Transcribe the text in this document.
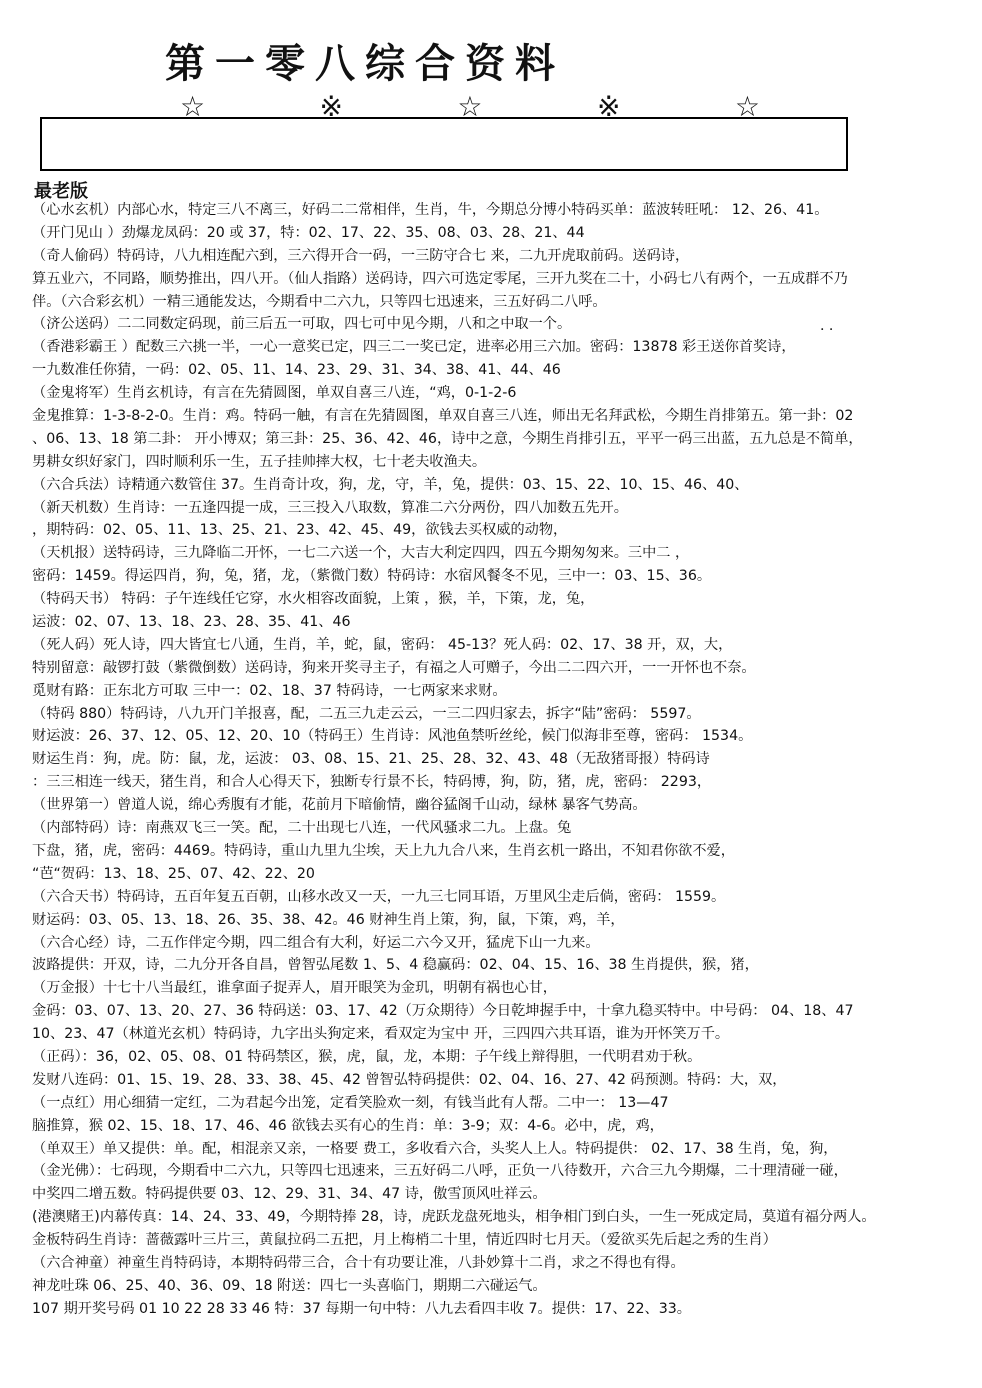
第一零八综合资料
☆	※	☆	※	☆
. .
最老版
（心水玄机）内部心水，特定三八不离三，好码二二常相伴，生肖，牛，今期总分博小特码买单：蓝波转旺吼： 12、26、41。
（开门见山 ）劲爆龙凤码：20 或 37，特：02、17、22、35、08、03、28、21、44
（奇人偷码）特码诗，八九相连配六到，三六得开合一码，一三防守合七 来，二九开虎取前码。送码诗，
算五业六，不同路，顺势推出，四八开。（仙人指路）送码诗，四六可选定零尾，三开九奖在二十，小码七八有两个，一五成群不乃
伴。（六合彩玄机）一精三通能发达，今期看中二六九，只等四七迅速来，三五好码二八呼。
（济公送码）二二同数定码现，前三后五一可取，四七可中见今期，八和之中取一个。
（香港彩霸王 ）配数三六挑一半，一心一意奖已定，四三二一奖已定，进率必用三六加。密码：13878 彩王送你首奖诗，
一九数准任你猜，一码：02、05、11、14、23、29、31、34、38、41、44、46
（金鬼将军）生肖玄机诗，有言在先猜圆图，单双自喜三八连，“鸡，0-1-2-6
金鬼推算：1-3-8-2-0。生肖：鸡。特码一触，有言在先猜圆图，单双自喜三八连，师出无名拜武松，今期生肖排第五。第一卦：02
、06、13、18 第二卦： 开小博双；第三卦：25、36、42、46，诗中之意，今期生肖排引五，平平一码三出蓝，五九总是不简单，
男耕女织好家门，四时顺利乐一生，五子挂帅摔大权，七十老夫收渔夫。
（六合兵法）诗精通六数管住 37。生肖奇计攻，狗，龙，守，羊，兔，提供：03、15、22、10、15、46、40、
（新天机数）生肖诗：一五逢四提一成，三三投入八取数，算准二六分两份，四八加数五先开。
，期特码：02、05、11、13、25、21、23、42、45、49，欲钱去买权威的动物，
（天机报）送特码诗，三九降临二开怀，一七二六送一个，大吉大利定四四，四五今期匆匆来。三中二 ，
密码：1459。得运四肖，狗，兔，猪，龙，（紫微门数）特码诗：水宿风餐冬不见，三中一：03、15、36。
（特码天书） 特码：子午连线任它穿，水火相容改面貌，上策 ，猴，羊，下策，龙，兔，
运波：02、07、13、18、23、28、35、41、46
（死人码）死人诗，四大皆宜七八通，生肖，羊，蛇，鼠，密码： 45-13？死人码：02、17、38 开，双，大，
特别留意：敲锣打鼓（紫微倒数）送码诗，狗来开奖寻主子，有福之人可赠子，今出二二四六开，一一开怀也不奈。
觅财有路：正东北方可取 三中一：02、18、37 特码诗，一七两家来求财。
（特码 880）特码诗，八九开门羊报喜，配，二五三九走云云，一三二四归家去，拆字“陆”密码： 5597。
财运波：26、37、12、05、12、20、10（特码王）生肖诗：风池鱼禁听丝纶，候门似海非至尊，密码： 1534。
财运生肖：狗，虎。防：鼠，龙，运波： 03、08、15、21、25、28、32、43、48（无敌猪哥报）特码诗
：三三相连一线天，猪生肖，和合人心得天下，独断专行景不长，特码博，狗，防，猪，虎，密码： 2293，
（世界第一）曾道人说，绵心秀腹有才能，花前月下暗偷情，幽谷猛阁千山动，绿林 暴客气势高。
（内部特码）诗：南燕双飞三一笑。配，二十出现七八连，一代风骚求二九。上盘。兔
下盘，猪，虎，密码：4469。特码诗，重山九里九尘埃，天上九九合八来，生肖玄机一路出，不知君你欲不爱，
“芭“贺码：13、18、25、07、42、22、20
（六合天书）特码诗，五百年复五百朝，山移水改又一天，一九三七同耳语，万里风尘走后倘，密码： 1559。
财运码：03、05、13、18、26、35、38、42。46 财神生肖上策，狗，鼠，下策，鸡，羊，
（六合心经）诗，二五作伴定今期，四二组合有大利，好运二六今又开，猛虎下山一九来。
波路提供：开双，诗，二九分开各自昌，曾智弘尾数 1、5、4 稳赢码：02、04、15、16、38 生肖提供，猴，猪，
（万金报）十七十八当最红，谁拿面子捉弄人，眉开眼笑为金玑，明朝有祸也心甘，
金码：03、07、13、20、27、36 特码送：03、17、42（万众期待）今日乾坤握手中，十拿九稳买特中。中号码： 04、18、47
10、23、47（林道光玄机）特码诗，九字出头狗定来，看双定为宝中 开，三四四六共耳语，谁为开怀笑万千。
（正码）：36，02、05、08、01 特码禁区，猴，虎，鼠，龙，本期：子午线上辩得胆，一代明君劝于秋。
发财八连码：01、15、19、28、33、38、45、42 曾智弘特码提供：02、04、16、27、42 码预测。特码：大，双，
（一点红）用心细猜一定红，二为君起今出笼，定看笑脸欢一刻，有钱当此有人帮。二中一： 13—47
脑推算，猴 02、15、18、17、46、46 欲钱去买有心的生肖：单：3-9；双：4-6。必中，虎，鸡，
（单双王）单又提供：单。配，相混亲又亲，一格要 费工，多收看六合，头奖人上人。特码提供： 02、17、38 生肖，兔，狗，
（金光佛）：七码现，今期看中二六九，只等四七迅速来，三五好码二八呼，正负一八待数开，六合三九今期爆，二十理清碰一碰，
中奖四二增五数。特码提供要 03、12、29、31、34、47 诗，傲雪顶风吐祥云。
(港澳赌王)内幕传真：14、24、33、49，今期特捧 28，诗，虎跃龙盘死地头，相争相门到白头，一生一死成定局，莫道有福分两人。
金板特码生肖诗：蔷薇露叶三片三，黄鼠拉码二五把，月上梅梢二十里，情近四时七月天。（爱欲买先后起之秀的生肖）
（六合神童）神童生肖特码诗，本期特码带三合，合十有功要让准，八卦妙算十二肖，求之不得也有得。
神龙吐珠 06、25、40、36、09、18 附送：四七一头喜临门，期期二六碰运气。
107 期开奖号码 01 10 22 28 33 46 特：37 每期一句中特：八九去看四丰收 7。提供：17、22、33。
